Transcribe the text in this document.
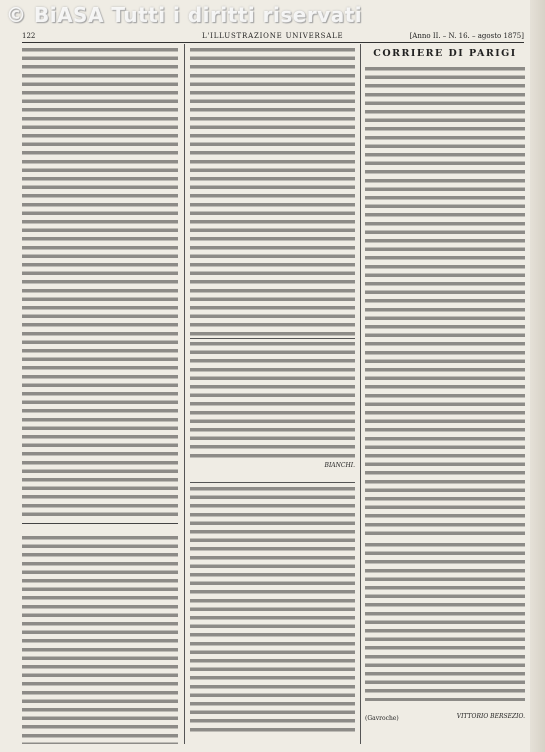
© BiASA Tutti i diritti riservati
122	L'ILLUSTRAZIONE UNIVERSALE	[Anno II. – N. 16. – agosto 1875]
BIANCHI.
CORRIERE DI PARIGI
(Gavroche)	VITTORIO BERSEZIO.
